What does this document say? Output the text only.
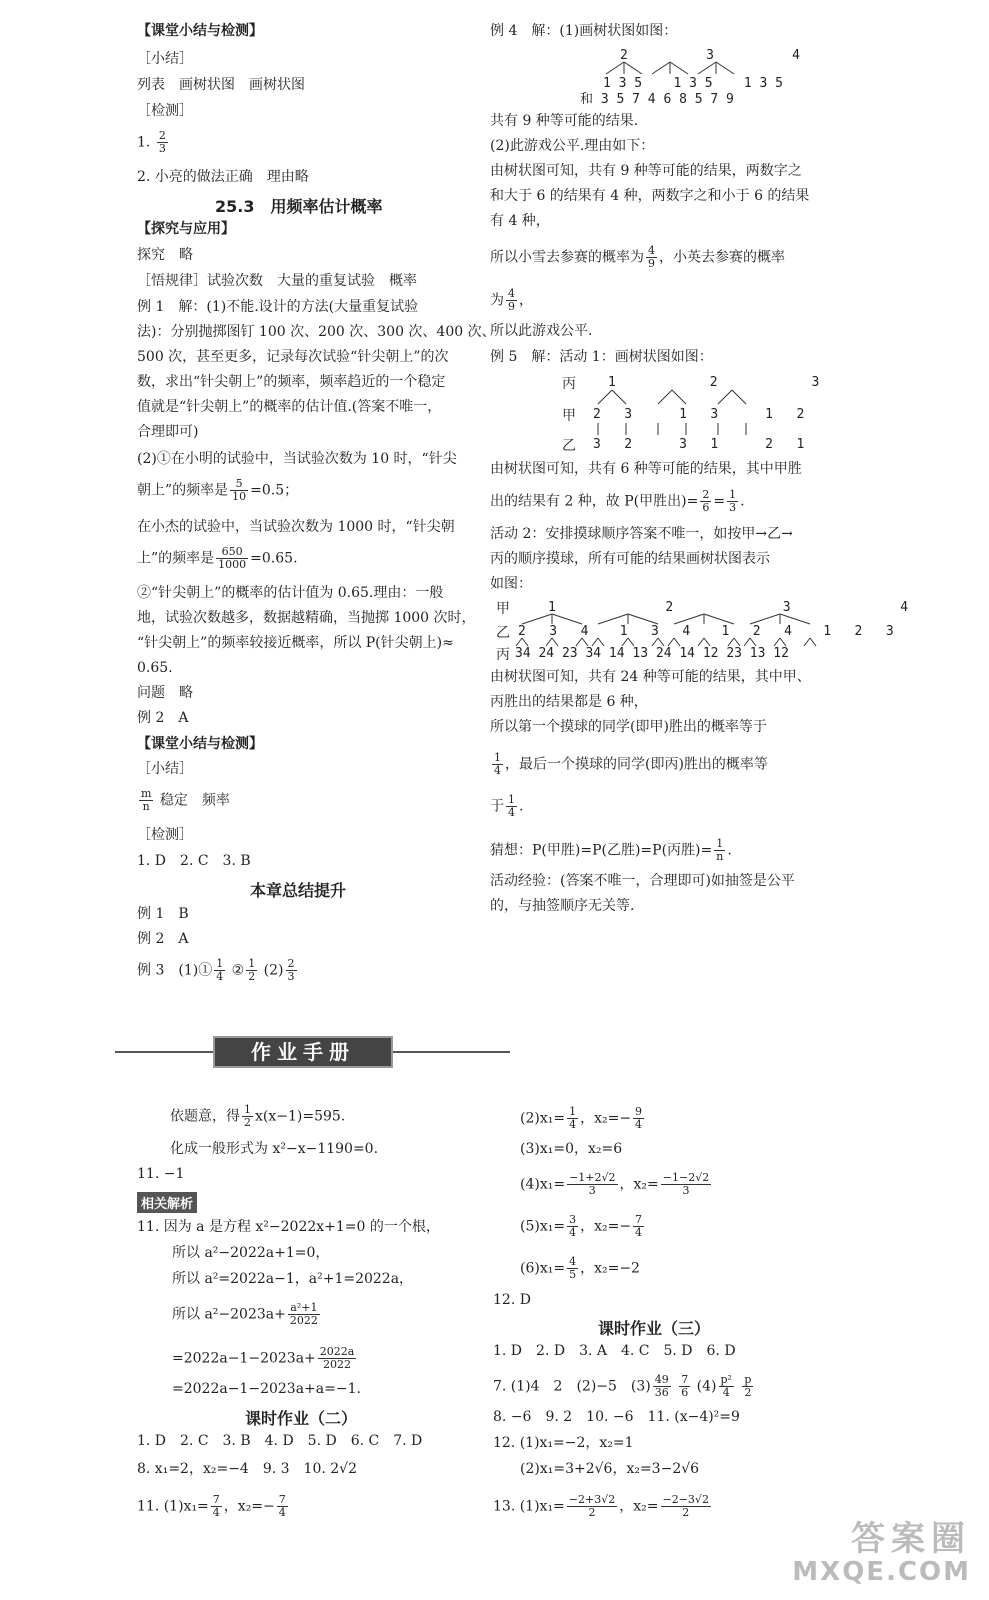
【课堂小结与检测】
［小结］
列表　画树状图　画树状图
［检测］
1. $\frac{2}{3}$
2. 小亮的做法正确　理由略
25.3　用频率估计概率
【探究与应用】
探究　略
［悟规律］试验次数　大量的重复试验　概率
例 1　解：(1)不能.设计的方法(大量重复试验
法)：分别抛掷图钉 100 次、200 次、300 次、400 次、
500 次，甚至更多，记录每次试验“针尖朝上”的次
数，求出“针尖朝上”的频率，频率趋近的一个稳定
值就是“针尖朝上”的概率的估计值.(答案不唯一，
合理即可)
(2)①在小明的试验中，当试验次数为 10 时，“针尖
朝上”的频率是 $\frac{5}{10} =0.5$；
在小杰的试验中，当试验次数为 1000 时，“针尖朝
上”的频率是 $\frac{650}{1000} =0.65$.
②“针尖朝上”的概率的估计值为 0.65.理由：一般
地，试验次数越多，数据越精确，当抛掷 1000 次时，
“针尖朝上”的频率较接近概率，所以 P(针尖朝上)≈
0.65.
问题　略
例 2　A
【课堂小结与检测】
［小结］
$\frac{m}{n}$ 稳定　频率
［检测］
1. D　2. C　3. B
本章总结提升
例 1　B
例 2　A
例 3　(1)① $\frac{1}{4}$ ② $\frac{1}{2} (2) \frac{2}{3}$
例 4　解：(1)画树状图如图：
2          3          4
1 3 5    1 3 5    1 3 5
和 3 5 7 4 6 8 5 7 9
共有 9 种等可能的结果.
(2)此游戏公平.理由如下：
由树状图可知，共有 9 种等可能的结果，两数字之
和大于 6 的结果有 4 种，两数字之和小于 6 的结果
有 4 种，
所以小雪去参赛的概率为 $\frac{4}{9}$ ，小英去参赛的概率
为 $\frac{4}{9}$ ，
所以此游戏公平.
例 5　解：活动 1：画树状图如图：
丙 1            2            3
甲 2   3      1   3      1   2
乙 3   2      3   1      2   1
由树状图可知，共有 6 种等可能的结果，其中甲胜
出的结果有 2 种，故 P(甲胜出)= $\frac{2}{6} = \frac{1}{3}$ .
活动 2：安排摸球顺序答案不唯一，如按甲→乙→
丙的顺序摸球，所有可能的结果画树状图表示
如图：
甲	1              2              3              4
乙 2   3   4    1   3   4    1   2   4    1   2   3
丙 34 24 23 34 14 13 24 14 12 23 13 12
由树状图可知，共有 24 种等可能的结果，其中甲、
丙胜出的结果都是 6 种，
所以第一个摸球的同学(即甲)胜出的概率等于
$\frac{1}{4}$ ，最后一个摸球的同学(即丙)胜出的概率等
于 $\frac{1}{4}$ .
猜想：P(甲胜)=P(乙胜)=P(丙胜)= $\frac{1}{n}$ .
活动经验：(答案不唯一，合理即可)如抽签是公平
的，与抽签顺序无关等.
作业手册
依题意，得 $\frac{1}{2} x(x-1)=595$.
化成一般形式为 x²−x−1190=0.
11. −1
相关解析
11. 因为 a 是方程 x²−2022x+1=0 的一个根，
所以 a²−2022a+1=0，
所以 a²=2022a−1，a²+1=2022a，
所以 $a^2-2023a+ \frac{\text{a²+1}}{2022}$
$=2022a-1-2023a+ \frac{2022a}{2022}$
=2022a−1−2023a+a=−1.
课时作业（二）
1. D　2. C　3. B　4. D　5. D　6. C　7. D
8. x₁=2，x₂=−4　9. 3　10. 2√2
11. $(1)x_1= \frac{7}{4}$ ，$x_2=- \frac{7}{4}$
$(2)x_1= \frac{1}{4}$ ，$x_2=- \frac{9}{4}$
(3)x₁=0，x₂=6
$(4)x_1= \frac{-1+2√2}{3}$ ，$x_2= \frac{-1-2√2}{3}$
$(5)x_1= \frac{3}{4}$ ，$x_2=- \frac{7}{4}$
$(6)x_1= \frac{4}{5}$ ，x₂=−2
12. D
课时作业（三）
1. D　2. D　3. A　4. C　5. D　6. D
7. (1)4　2　(2)−5　$(3) \frac{49}{36}$
$\frac{7}{6} (4) \frac{\text{p²}}{4}$
$\frac{p}{2}$
8. −6　9. 2　10. −6　11. (x−4)²=9
12. (1)x₁=−2，x₂=1
(2)x₁=3+2√6，x₂=3−2√6
13. $(1)x_1= \frac{-2+3√2}{2}$ ，$x_2= \frac{-2-3√2}{2}$
答案圈
MXQE.COM
